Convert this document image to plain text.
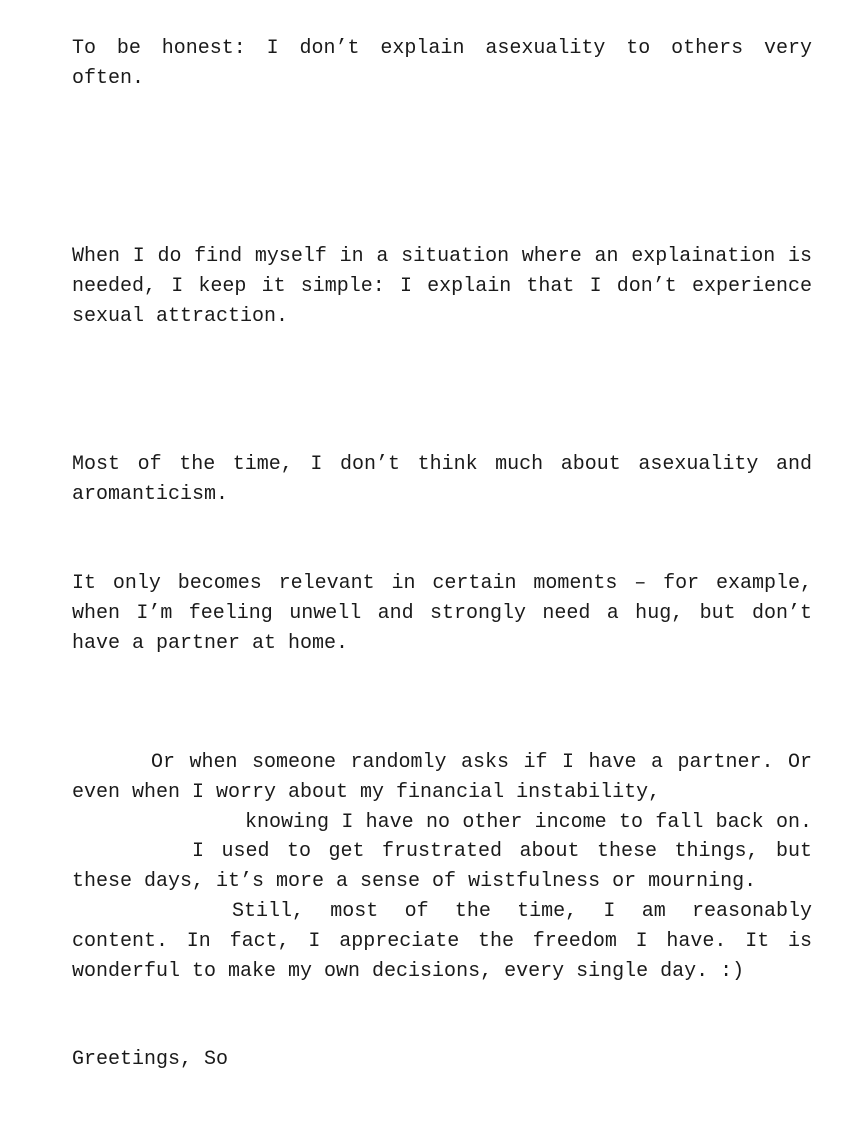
To be honest: I don’t explain asexuality to others very often.

When I do find myself in a situation where an explaination is needed, I keep it simple: I explain that I don’t experience sexual attraction.

Most of the time, I don’t think much about asexuality and aromanticism.

It only becomes relevant in certain moments – for example, when I’m feeling unwell and strongly need a hug, but don’t have a partner at home.

Or when someone randomly asks if I have a partner. Or even when I worry about my financial instability,
knowing I have no other income to fall back on.I used to get frustrated about these things, but these days, it’s more a sense of wistfulness or mourning.
Still, most of the time, I am reasonably content. In fact, I appreciate the freedom I have. It is wonderful to make my own decisions, every single day. :)

Greetings, So
